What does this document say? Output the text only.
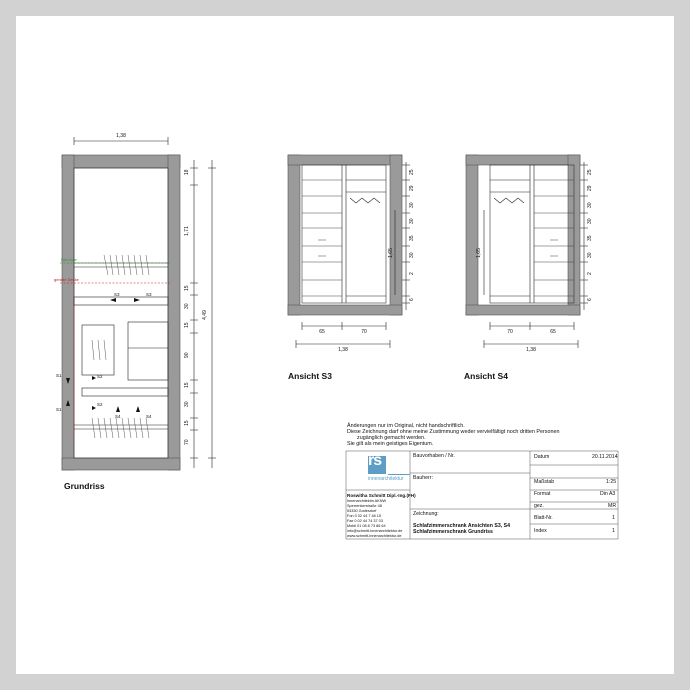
1,38
4,49
18
1,71
15
30
15
90
15
30
15
70
Din-Linie
gerade Decke
S3	S3
S2
S4
S1
S2
S1
S4
65	70
1,38
1,65
25
29
30
30
35
30
2
6
70	65
1,38
1,65
25
29
30
30
35
30
2
6
Grundriss
Ansicht S3	Ansicht S4
Änderungen nur im Original, nicht handschriftlich.
Diese Zeichnung darf ohne meine Zustimmung weder vervielfältigt noch dritten Personen
zugänglich gemacht werden.
Sie gilt als mein geistiges Eigentum.
rs
innenarchitektur
Roswitha Schmitt Dipl.-Ing.(FH)
Innenarchitektin AKNW
Sperrenkerstraße 48
53330 Godesdorf
Fon 0 02 44 7 46 15
Fax 0 02 44 74 37 03
Mobil 01 08 8 73 86 64
info@schmitt-innenarchitektur.de
www.schmitt-innenarchitektur.de
Bauvorhaben / Nr.	Datum	20.11.2014
Bauherr:
Maßstab	1:25
Format	Din A3
gez.	MR
Zeichnung:
Blatt-Nr.	1
Index	1
Schlafzimmerschrank Ansichten S3, S4
Schlafzimmerschrank Grundriss
